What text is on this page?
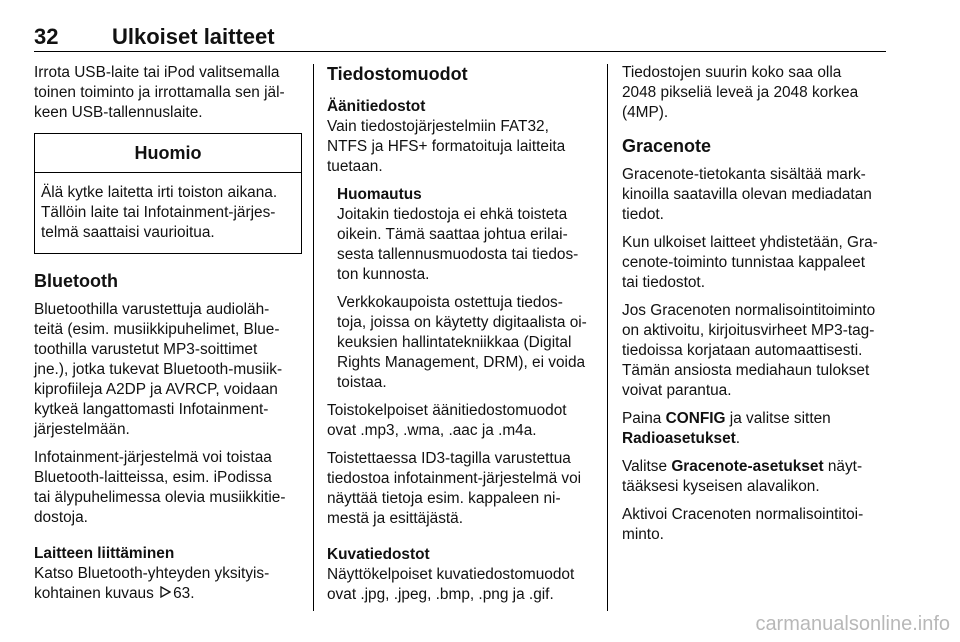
32 Ulkoiset laitteet

Irrota USB-laite tai iPod valitsemalla
toinen toiminto ja irrottamalla sen jäl‐
keen USB-tallennuslaite.

Huomio
Älä kytke laitetta irti toiston aikana.
Tällöin laite tai Infotainment-järjes‐
telmä saattaisi vaurioitua.
Bluetooth

Bluetoothilla varustettuja audioläh‐
teitä (esim. musiikkipuhelimet, Blue‐
toothilla varustetut MP3-soittimet
jne.), jotka tukevat Bluetooth-musiik‐
kiprofiileja A2DP ja AVRCP, voidaan
kytkeä langattomasti Infotainment-
järjestelmään.

Infotainment-järjestelmä voi toistaa
Bluetooth-laitteissa, esim. iPodissa
tai älypuhelimessa olevia musiikkitie‐
dostoja.

Laitteen liittäminen

Katso Bluetooth-yhteyden yksityis‐
kohtainen kuvaus 63.

Tiedostomuodot
Äänitiedostot

Vain tiedostojärjestelmiin FAT32,
NTFS ja HFS+ formatoituja laitteita
tuetaan.

Huomautus

Joitakin tiedostoja ei ehkä toisteta
oikein. Tämä saattaa johtua erilai‐
sesta tallennusmuodosta tai tiedos‐
ton kunnosta.

Verkkokaupoista ostettuja tiedos‐
toja, joissa on käytetty digitaalista oi‐
keuksien hallintatekniikkaa (Digital
Rights Management, DRM), ei voida
toistaa.

Toistokelpoiset äänitiedostomuodot
ovat .mp3, .wma, .aac ja .m4a.

Toistettaessa ID3-tagilla varustettua
tiedostoa infotainment-järjestelmä voi
näyttää tietoja esim. kappaleen ni‐
mestä ja esittäjästä.

Kuvatiedostot

Näyttökelpoiset kuvatiedostomuodot
ovat .jpg, .jpeg, .bmp, .png ja .gif.

Tiedostojen suurin koko saa olla
2048 pikseliä leveä ja 2048 korkea
(4MP).

Gracenote

Gracenote-tietokanta sisältää mark‐
kinoilla saatavilla olevan mediadatan
tiedot.

Kun ulkoiset laitteet yhdistetään, Gra‐
cenote-toiminto tunnistaa kappaleet
tai tiedostot.

Jos Gracenoten normalisointitoiminto
on aktivoitu, kirjoitusvirheet MP3-tag‐
tiedoissa korjataan automaattisesti.
Tämän ansiosta mediahaun tulokset
voivat parantua.

Paina CONFIG ja valitse sitten
Radioasetukset.

Valitse Gracenote-asetukset näyt‐
tääksesi kyseisen alavalikon.

Aktivoi Cracenoten normalisointitoi‐
minto.

carmanualsonline.info
